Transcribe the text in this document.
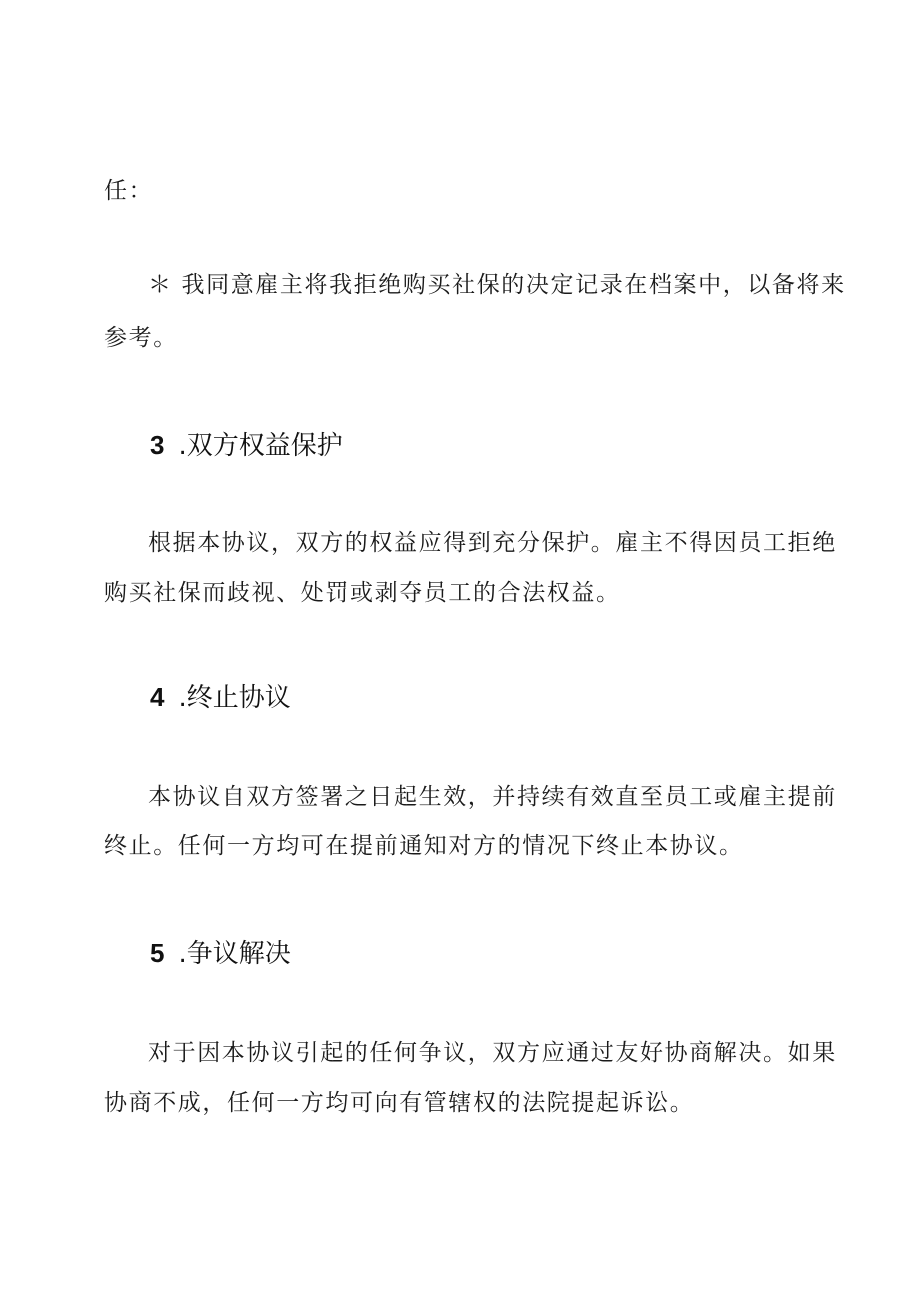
任：
＊ 我同意雇主将我拒绝购买社保的决定记录在档案中，以备将来
参考。
3 .双方权益保护
根据本协议，双方的权益应得到充分保护。雇主不得因员工拒绝
购买社保而歧视、处罚或剥夺员工的合法权益。
4 .终止协议
本协议自双方签署之日起生效，并持续有效直至员工或雇主提前
终止。任何一方均可在提前通知对方的情况下终止本协议。
5 .争议解决
对于因本协议引起的任何争议，双方应通过友好协商解决。如果
协商不成，任何一方均可向有管辖权的法院提起诉讼。
